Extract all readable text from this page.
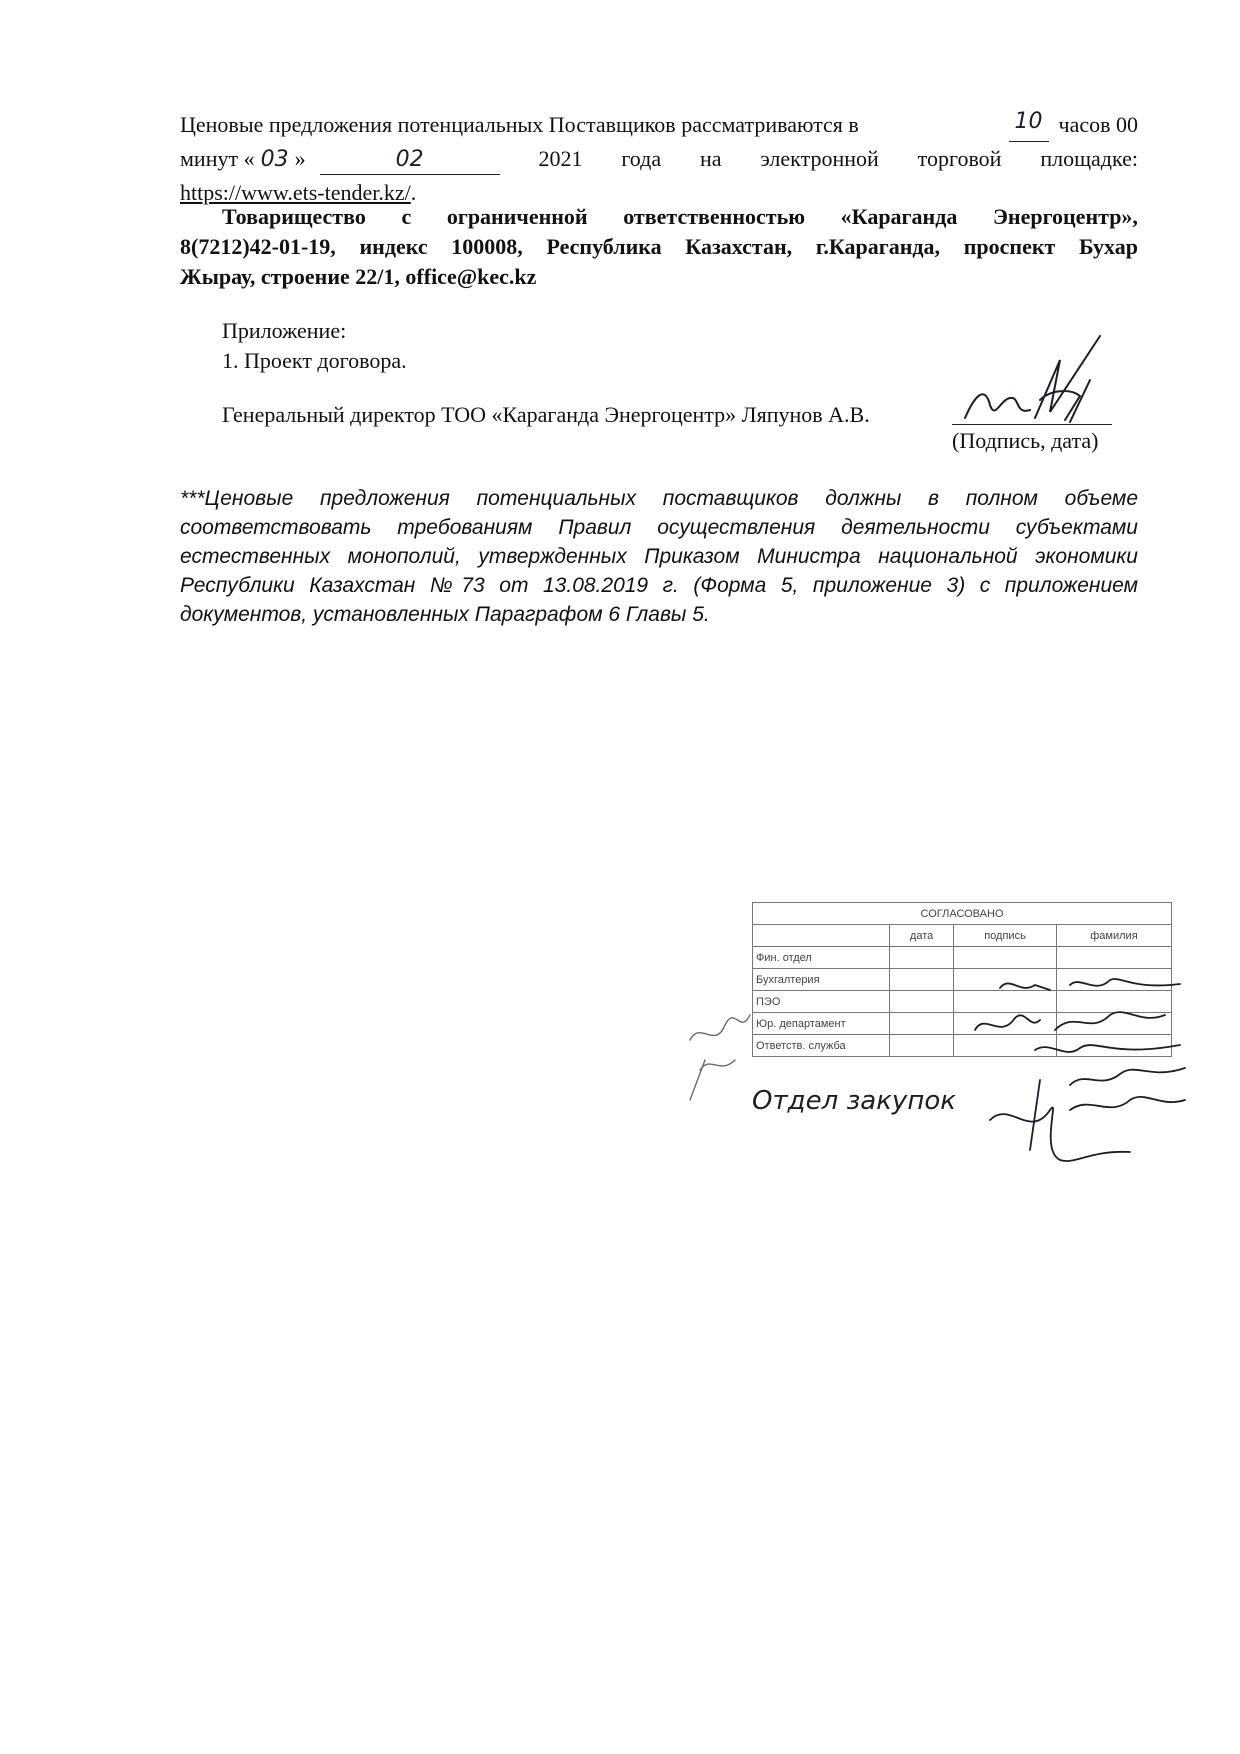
Ценовые предложения потенциальных Поставщиков рассматриваются в	10 часов 00
минут « 03 »	02	2021 года на электронной торговой площадке:
https://www.ets-tender.kz/.
Товарищество с ограниченной ответственностью «Караганда Энергоцентр»,
8(7212)42-01-19, индекс 100008, Республика Казахстан, г.Караганда, проспект Бухар
Жырау, строение 22/1, office@kec.kz
Приложение:
1. Проект договора.
Генеральный директор ТОО «Караганда Энергоцентр» Ляпунов А.В.
(Подпись, дата)
***Ценовые предложения потенциальных поставщиков должны в полном объеме соответствовать требованиям Правил осуществления деятельности субъектами естественных монополий, утвержденных Приказом Министра национальной экономики Республики Казахстан №73 от 13.08.2019 г. (Форма 5, приложение 3) с приложением документов, установленных Параграфом 6 Главы 5.
СОГЛАСОВАНО			
	дата	подпись	фамилия
Фин. отдел			
Бухгалтерия			
ПЭО			
Юр. департамент			
Ответств. служба			
Отдел закупок
